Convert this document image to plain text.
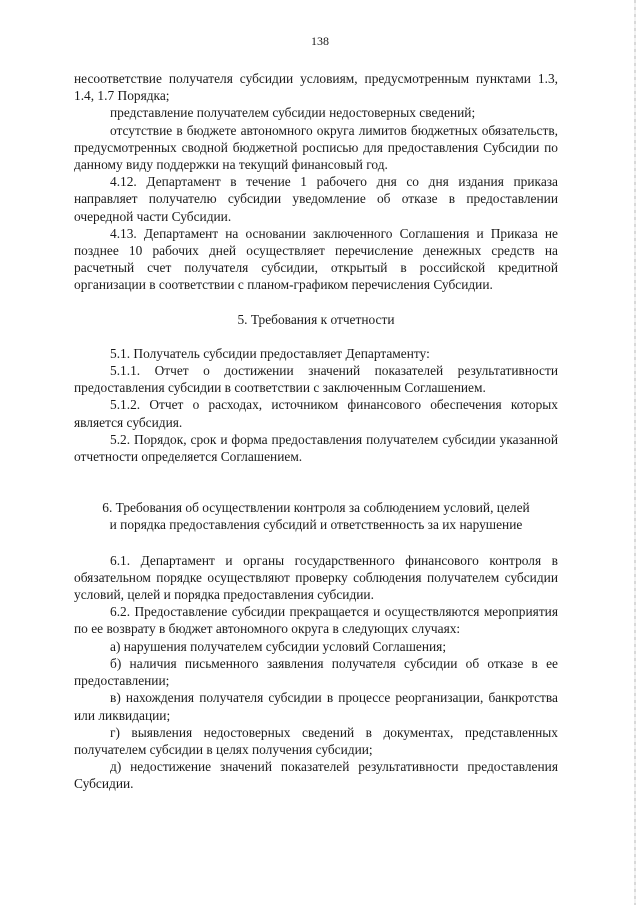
138

несоответствие получателя субсидии условиям, предусмотренным пунктами 1.3, 1.4, 1.7 Порядка;

представление получателем субсидии недостоверных сведений;

отсутствие в бюджете автономного округа лимитов бюджетных обязательств, предусмотренных сводной бюджетной росписью для предоставления Субсидии по данному виду поддержки на текущий финансовый год.

4.12. Департамент в течение 1 рабочего дня со дня издания приказа направляет получателю субсидии уведомление об отказе в предоставлении очередной части Субсидии.

4.13. Департамент на основании заключенного Соглашения и Приказа не позднее 10 рабочих дней осуществляет перечисление денежных средств на расчетный счет получателя субсидии, открытый в российской кредитной организации в соответствии с планом-графиком перечисления Субсидии.

5. Требования к отчетности

5.1. Получатель субсидии предоставляет Департаменту:

5.1.1. Отчет о достижении значений показателей результативности предоставления субсидии в соответствии с заключенным Соглашением.

5.1.2. Отчет о расходах, источником финансового обеспечения которых является субсидия.

5.2. Порядок, срок и форма предоставления получателем субсидии указанной отчетности определяется Соглашением.

6. Требования об осуществлении контроля за соблюдением условий, целей
и порядка предоставления субсидий и ответственность за их нарушение

6.1. Департамент и органы государственного финансового контроля в обязательном порядке осуществляют проверку соблюдения получателем субсидии условий, целей и порядка предоставления субсидии.

6.2. Предоставление субсидии прекращается и осуществляются мероприятия по ее возврату в бюджет автономного округа в следующих случаях:

а) нарушения получателем субсидии условий Соглашения;

б) наличия письменного заявления получателя субсидии об отказе в ее предоставлении;

в) нахождения получателя субсидии в процессе реорганизации, банкротства или ликвидации;

г) выявления недостоверных сведений в документах, представленных получателем субсидии в целях получения субсидии;

д) недостижение значений показателей результативности предоставления Субсидии.
